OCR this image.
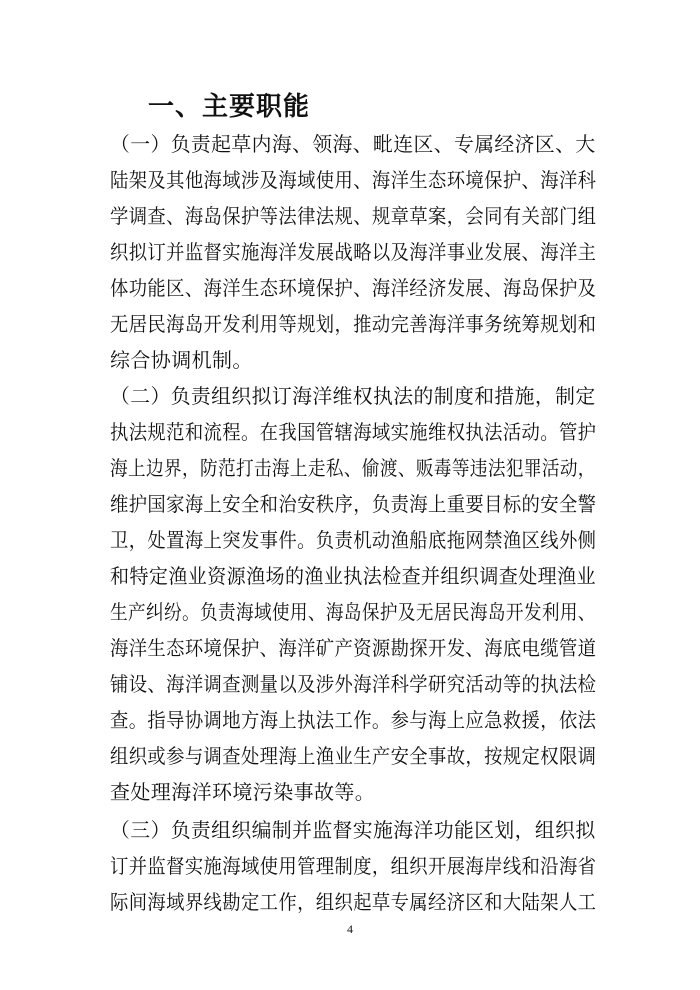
一、主要职能
（一）负责起草内海、领海、毗连区、专属经济区、大
陆架及其他海域涉及海域使用、海洋生态环境保护、海洋科
学调查、海岛保护等法律法规、规章草案，会同有关部门组
织拟订并监督实施海洋发展战略以及海洋事业发展、海洋主
体功能区、海洋生态环境保护、海洋经济发展、海岛保护及
无居民海岛开发利用等规划，推动完善海洋事务统筹规划和
综合协调机制。
（二）负责组织拟订海洋维权执法的制度和措施，制定
执法规范和流程。在我国管辖海域实施维权执法活动。管护
海上边界，防范打击海上走私、偷渡、贩毒等违法犯罪活动，
维护国家海上安全和治安秩序，负责海上重要目标的安全警
卫，处置海上突发事件。负责机动渔船底拖网禁渔区线外侧
和特定渔业资源渔场的渔业执法检查并组织调查处理渔业
生产纠纷。负责海域使用、海岛保护及无居民海岛开发利用、
海洋生态环境保护、海洋矿产资源勘探开发、海底电缆管道
铺设、海洋调查测量以及涉外海洋科学研究活动等的执法检
查。指导协调地方海上执法工作。参与海上应急救援，依法
组织或参与调查处理海上渔业生产安全事故，按规定权限调
查处理海洋环境污染事故等。
（三）负责组织编制并监督实施海洋功能区划，组织拟
订并监督实施海域使用管理制度，组织开展海岸线和沿海省
际间海域界线勘定工作，组织起草专属经济区和大陆架人工
4
